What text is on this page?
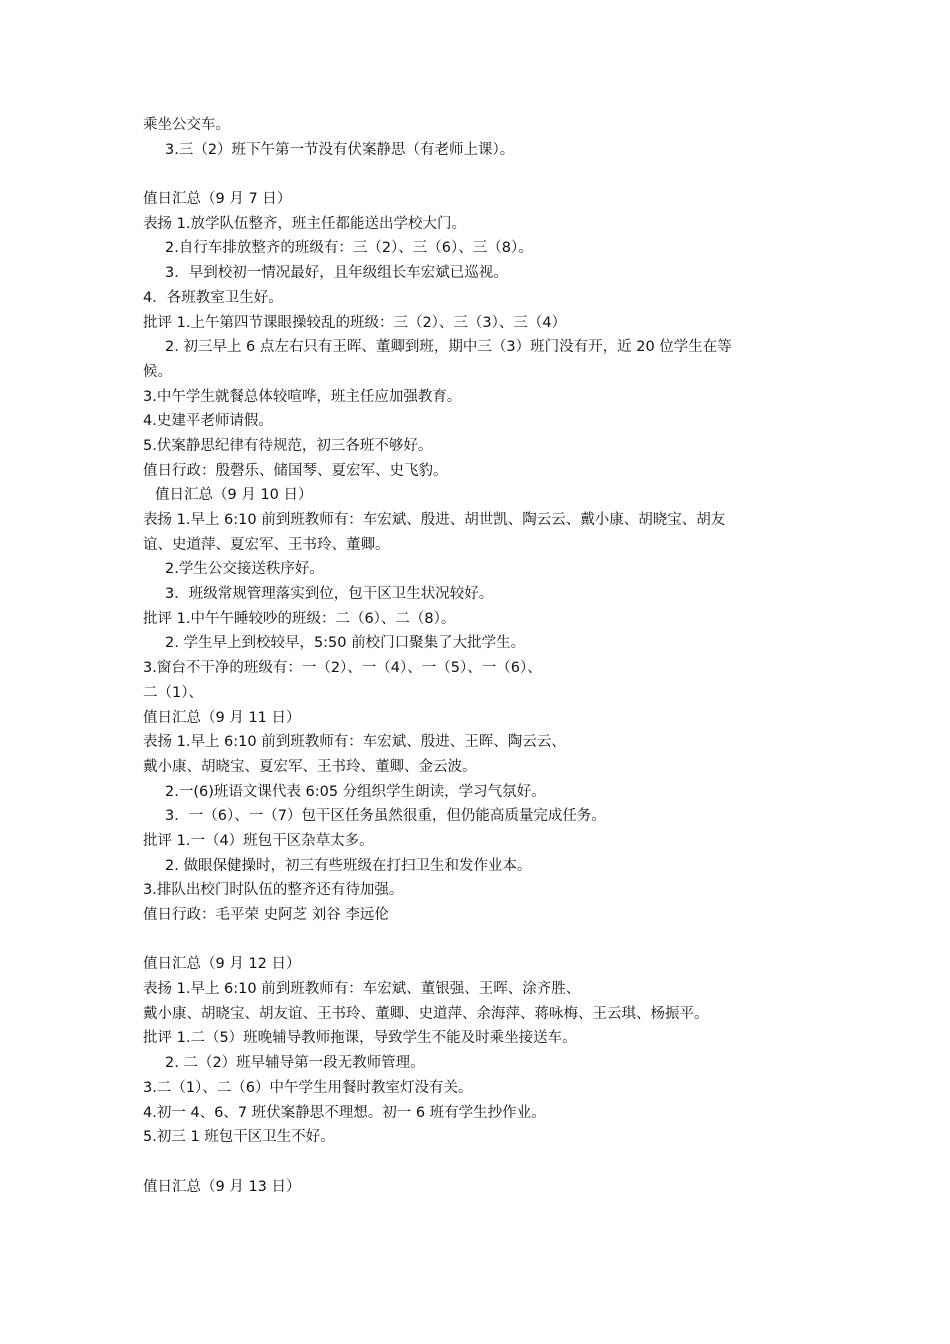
乘坐公交车。
3.三（2）班下午第一节没有伏案静思（有老师上课）。
值日汇总（9 月 7 日）
表扬 1.放学队伍整齐，班主任都能送出学校大门。
2.自行车排放整齐的班级有：三（2）、三（6）、三（8）。
3．早到校初一情况最好，且年级组长车宏斌已巡视。
4．各班教室卫生好。
批评 1.上午第四节课眼操较乱的班级：三（2）、三（3）、三（4）
2. 初三早上 6 点左右只有王晖、董卿到班，期中三（3）班门没有开，近 20 位学生在等
候。
3.中午学生就餐总体较喧哗，班主任应加强教育。
4.史建平老师请假。
5.伏案静思纪律有待规范，初三各班不够好。
值日行政：殷磬乐、储国琴、夏宏军、史飞豹。
值日汇总（9 月 10 日）
表扬 1.早上 6:10 前到班教师有：车宏斌、殷进、胡世凯、陶云云、戴小康、胡晓宝、胡友
谊、史道萍、夏宏军、王书玲、董卿。
2.学生公交接送秩序好。
3．班级常规管理落实到位，包干区卫生状况较好。
批评 1.中午午睡较吵的班级：二（6）、二（8）。
2. 学生早上到校较早，5:50 前校门口聚集了大批学生。
3.窗台不干净的班级有：一（2）、一（4）、一（5）、一（6）、
二（1）、
值日汇总（9 月 11 日）
表扬 1.早上 6:10 前到班教师有：车宏斌、殷进、王晖、陶云云、
戴小康、胡晓宝、夏宏军、王书玲、董卿、金云波。
2.一(6)班语文课代表 6:05 分组织学生朗读，学习气氛好。
3．一（6）、一（7）包干区任务虽然很重，但仍能高质量完成任务。
批评 1.一（4）班包干区杂草太多。
2. 做眼保健操时，初三有些班级在打扫卫生和发作业本。
3.排队出校门时队伍的整齐还有待加强。
值日行政：毛平荣 史阿芝 刘谷 李远伦
值日汇总（9 月 12 日）
表扬 1.早上 6:10 前到班教师有：车宏斌、董银强、王晖、涂齐胜、
戴小康、胡晓宝、胡友谊、王书玲、董卿、史道萍、余海萍、蒋咏梅、王云琪、杨振平。
批评 1.二（5）班晚辅导教师拖课，导致学生不能及时乘坐接送车。
2. 二（2）班早辅导第一段无教师管理。
3.二（1）、二（6）中午学生用餐时教室灯没有关。
4.初一 4、6、7 班伏案静思不理想。初一 6 班有学生抄作业。
5.初三 1 班包干区卫生不好。
值日汇总（9 月 13 日）
